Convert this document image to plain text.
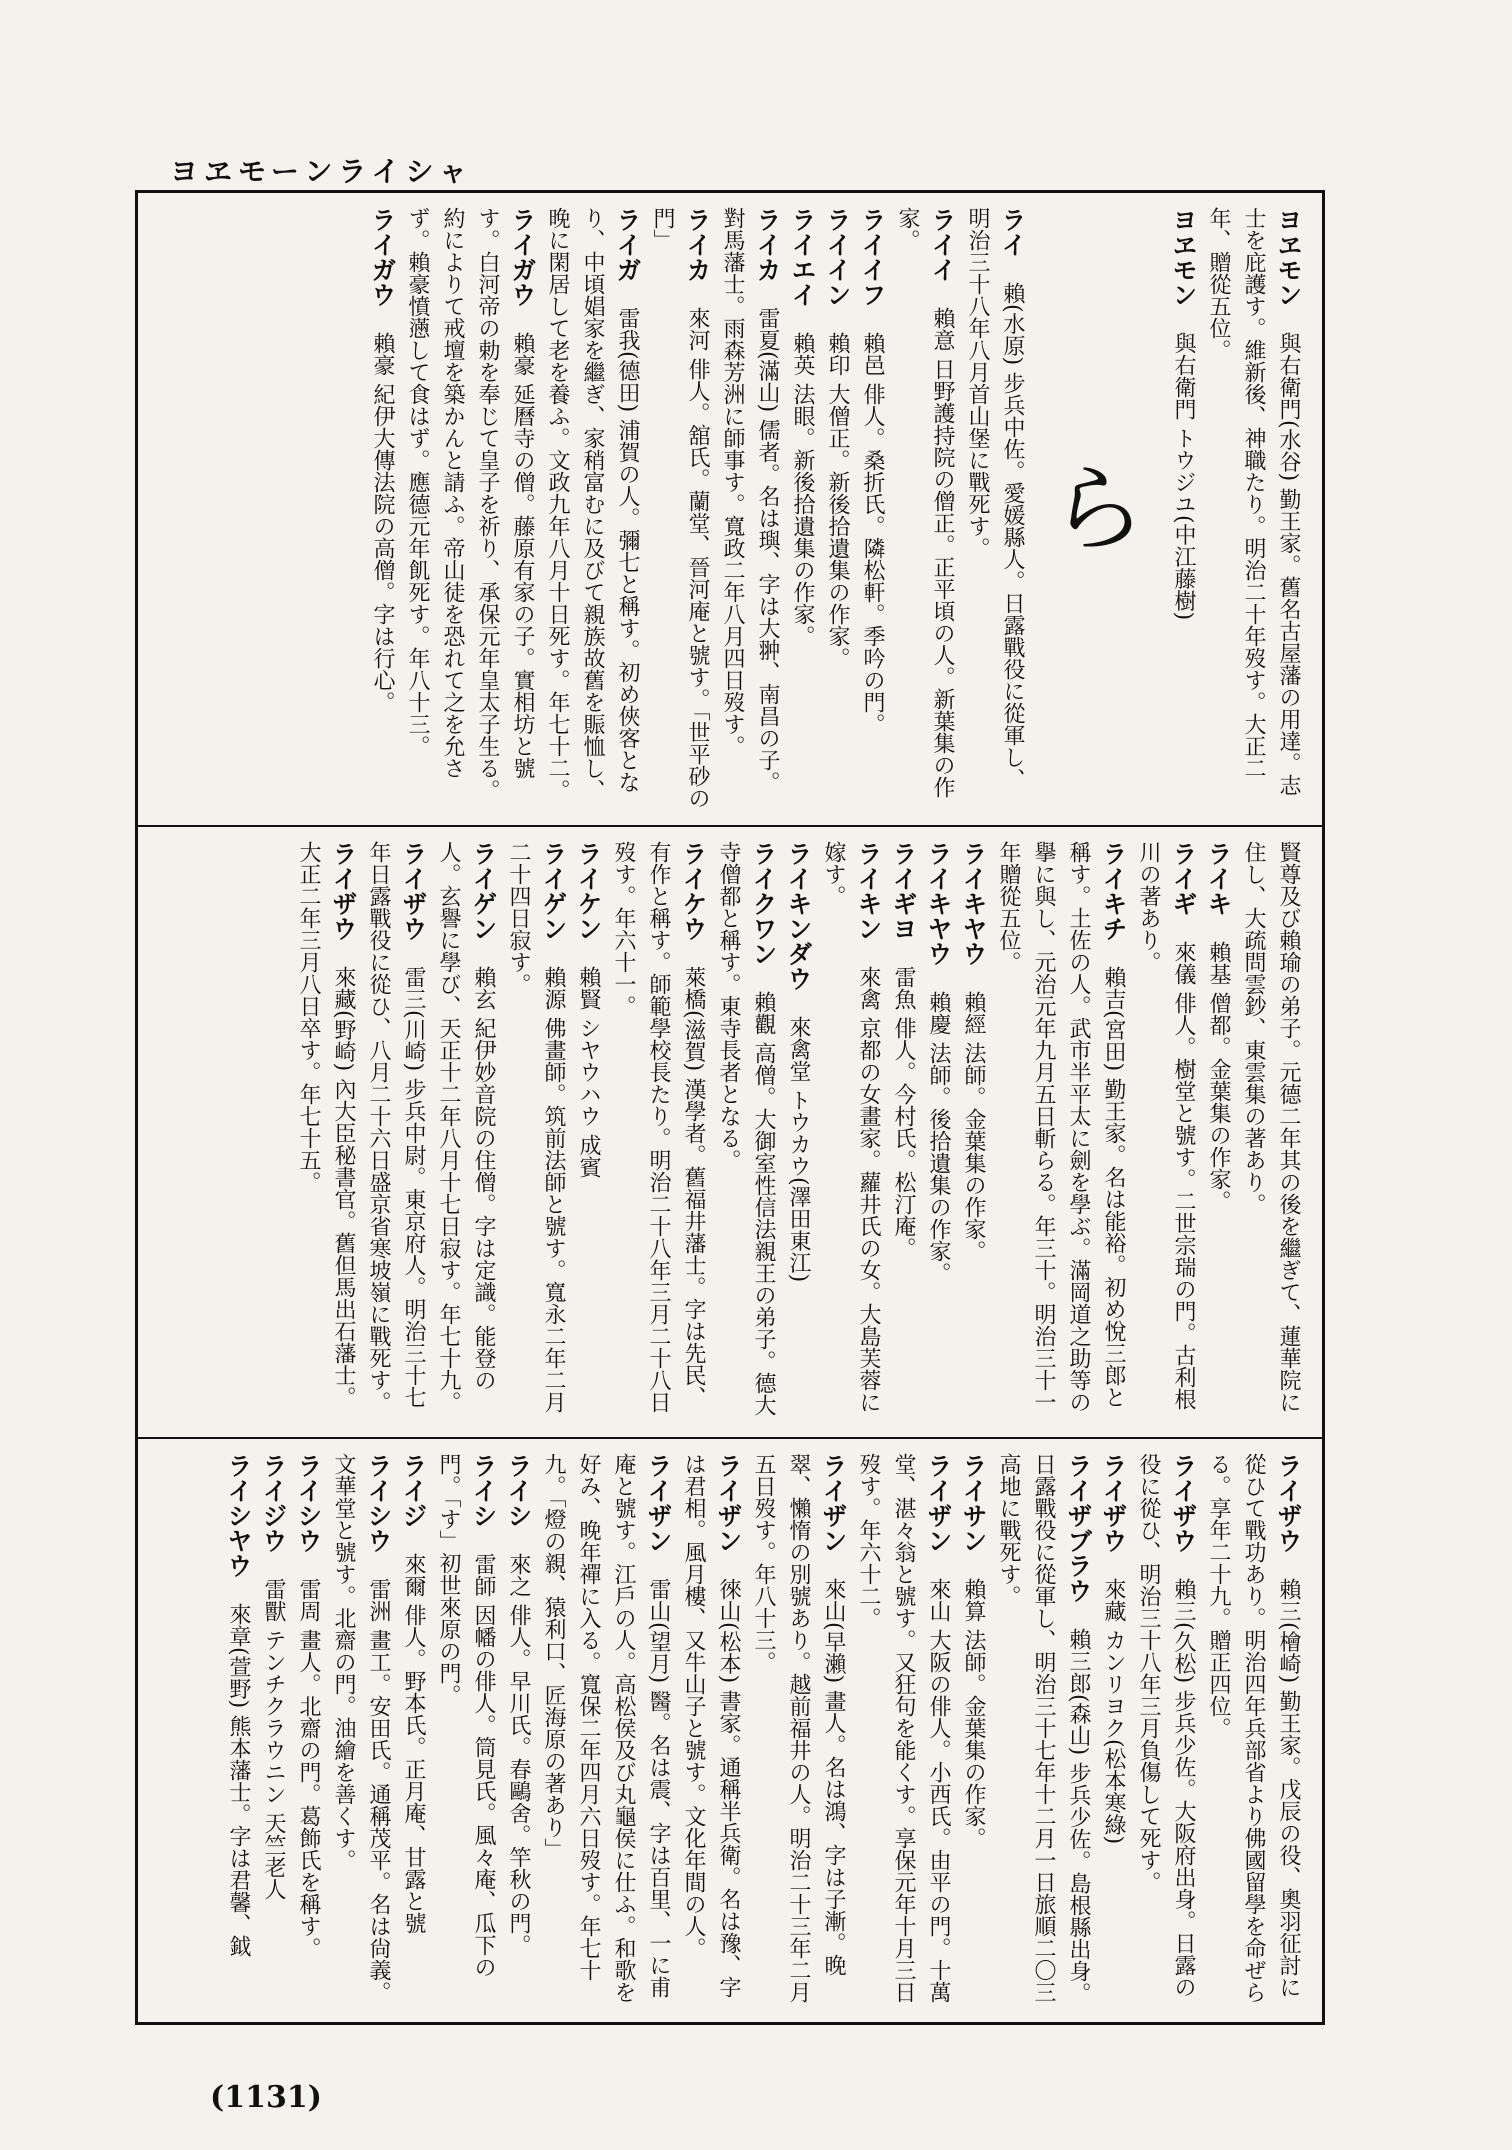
ヨヱモーンライシャ
ヨヱモン　與右衛門(水谷) 勤王家。舊名古屋藩の用達。志士を庇護す。維新後、神職たり。明治二十年歿す。大正二年、贈從五位。
ヨヱモン　與右衛門 トウジユ(中江藤樹)
ら
ライ　賴(水原) 步兵中佐。愛媛縣人。日露戰役に從軍し、明治三十八年八月首山堡に戰死す。
ライイ　賴意 日野護持院の僧正。正平頃の人。新葉集の作家。
ライイフ　賴邑 俳人。桑折氏。隣松軒。季吟の門。
ライイン　賴印 大僧正。新後拾遺集の作家。
ライエイ　賴英 法眼。新後拾遺集の作家。
ライカ　雷夏(滿山) 儒者。名は璵、字は大翀、南昌の子。對馬藩士。雨森芳洲に師事す。寬政二年八月四日歿す。
ライカ　來河 俳人。舘氏。蘭堂、晉河庵と號す。「世平砂の門」
ライガ　雷我(德田) 浦賀の人。彌七と稱す。初め俠客となり、中頃娼家を繼ぎ、家稍富むに及びて親族故舊を賑恤し、晚に閑居して老を養ふ。文政九年八月十日死す。年七十二。
ライガウ　賴豪 延曆寺の僧。藤原有家の子。實相坊と號す。白河帝の勅を奉じて皇子を祈り、承保元年皇太子生る。約によりて戒壇を築かんと請ふ。帝山徒を恐れて之を允さず。賴豪憤懣して食はず。應德元年飢死す。年八十三。
ライガウ　賴豪 紀伊大傳法院の高僧。字は行心。
賢尊及び賴瑜の弟子。元德二年其の後を繼ぎて、蓮華院に住し、大疏問雲鈔、東雲集の著あり。
ライキ　賴基 僧都。金葉集の作家。
ライギ　來儀 俳人。樹堂と號す。二世宗瑞の門。古利根川の著あり。
ライキチ　賴吉(宮田) 勤王家。名は能裕。初め悅三郎と稱す。土佐の人。武市半平太に劍を學ぶ。滿岡道之助等の擧に與し、元治元年九月五日斬らる。年三十。明治三十一年贈從五位。
ライキヤウ　賴經 法師。金葉集の作家。
ライキヤウ　賴慶 法師。後拾遺集の作家。
ライギヨ　雷魚 俳人。今村氏。松汀庵。
ライキン　來禽 京都の女畫家。蘿井氏の女。大島芙蓉に嫁す。
ライキンダウ　來禽堂 トウカウ(澤田東江)
ライクワン　賴觀 高僧。大御室性信法親王の弟子。德大寺僧都と稱す。東寺長者となる。
ライケウ　萊橋(滋賀) 漢學者。舊福井藩士。字は先民、有作と稱す。師範學校長たり。明治二十八年三月二十八日歿す。年六十一。
ライケン　賴賢 シヤウハウ 成賓
ライゲン　賴源 佛畫師。筑前法師と號す。寬永二年二月二十四日寂す。
ライゲン　賴玄 紀伊妙音院の住僧。字は定識。能登の人。玄譽に學び、天正十二年八月十七日寂す。年七十九。
ライザウ　雷三(川崎) 步兵中尉。東京府人。明治三十七年日露戰役に從ひ、八月二十六日盛京省寒坡嶺に戰死す。
ライザウ　來藏(野崎) 內大臣秘書官。舊但馬出石藩士。大正二年三月八日卒す。年七十五。
ライザウ　賴三(檜崎) 勤王家。戊辰の役、奧羽征討に從ひて戰功あり。明治四年兵部省より佛國留學を命ぜらる。享年二十九。贈正四位。
ライザウ　賴三(久松) 步兵少佐。大阪府出身。日露の役に從ひ、明治三十八年三月負傷して死す。
ライザウ　來藏 カンリヨク(松本寒綠)
ライザブラウ　賴三郎(森山) 步兵少佐。島根縣出身。日露戰役に從軍し、明治三十七年十二月一日旅順二〇三高地に戰死す。
ライサン　賴算 法師。金葉集の作家。
ライザン　來山 大阪の俳人。小西氏。由平の門。十萬堂、湛々翁と號す。又狂句を能くす。享保元年十月三日歿す。年六十二。
ライザン　來山(早瀨) 畫人。名は鴻、字は子漸。晚翠、懶惰の別號あり。越前福井の人。明治二十三年二月五日歿す。年八十三。
ライザン　徠山(松本) 書家。通稱半兵衛。名は豫、字は君相。風月樓、又牛山子と號す。文化年間の人。
ライザン　雷山(望月) 醫。名は震、字は百里、一に甫庵と號す。江戶の人。高松侯及び丸龜侯に仕ふ。和歌を好み、晚年禪に入る。寬保二年四月六日歿す。年七十九。「燈の親、猿利口、匠海原の著あり」
ライシ　來之 俳人。早川氏。春鷗舍。竿秋の門。
ライシ　雷師 因幡の俳人。筒見氏。風々庵、瓜下の門。「す」初世來原の門。
ライジ　來爾 俳人。野本氏。正月庵、甘露と號
ライシウ　雷洲 畫工。安田氏。通稱茂平。名は尙義。文華堂と號す。北齋の門。油繪を善くす。
ライシウ　雷周 畫人。北齋の門。葛飾氏を稱す。
ライジウ　雷獸 テンチクラウニン 天竺老人
ライシヤウ　來章(萱野) 熊本藩士。字は君馨、鉞
(1131)
